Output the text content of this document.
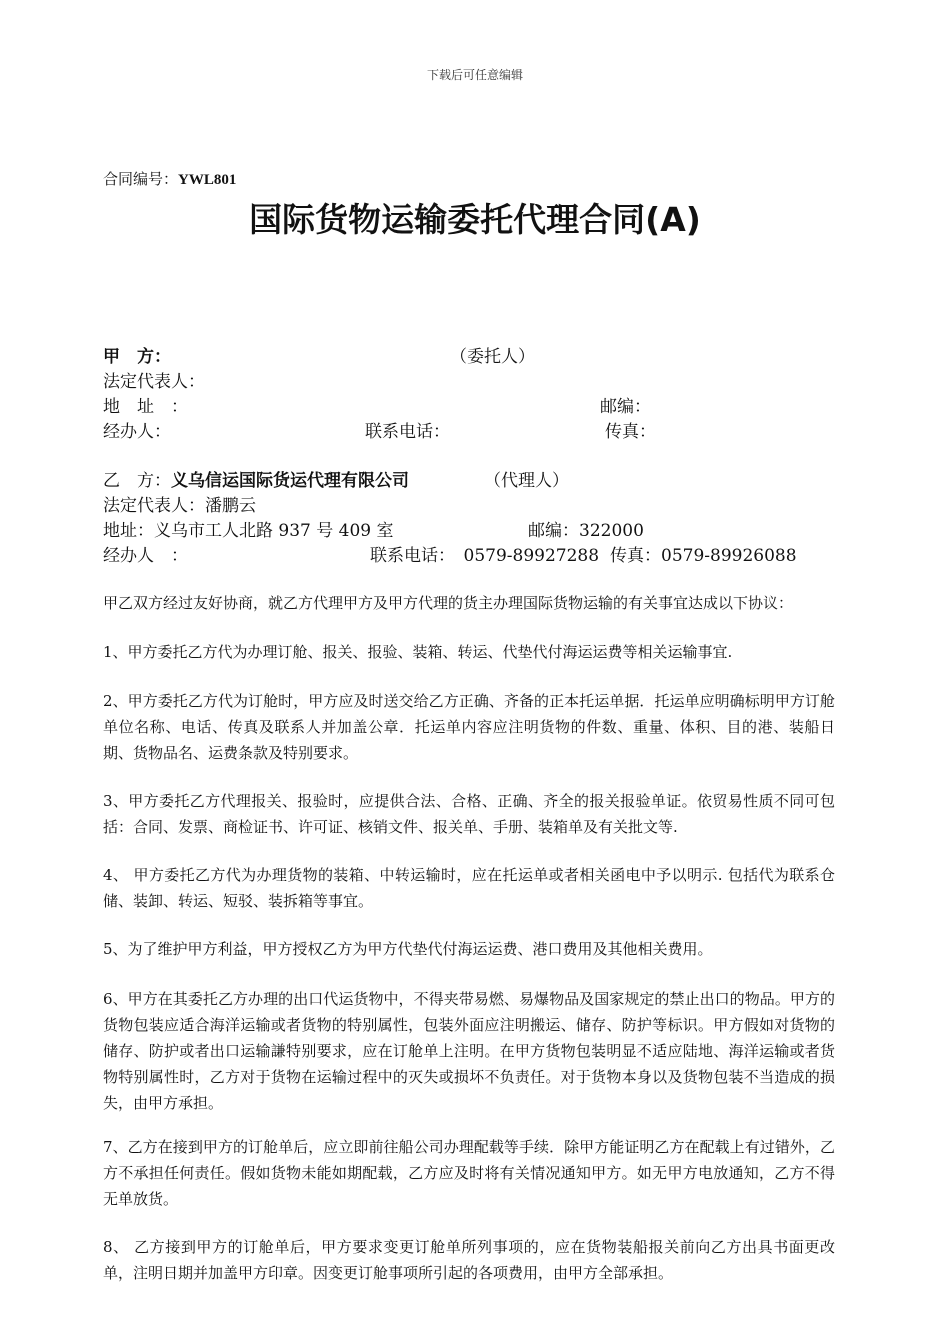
下载后可任意编辑
合同编号：YWL801
国际货物运输委托代理合同(A)
甲　方：	（委托人）
法定代表人：
地　址　：	邮编：
经办人：	联系电话：	传真：
乙　方：义乌信运国际货运代理有限公司	（代理人）
法定代表人：潘鹏云
地址：义乌市工人北路 937 号 409 室	邮编：322000
经办人　：	联系电话：　0579-89927288 传真：0579-89926088
甲乙双方经过友好协商，就乙方代理甲方及甲方代理的货主办理国际货物运输的有关事宜达成以下协议：
1、甲方委托乙方代为办理订舱、报关、报验、装箱、转运、代垫代付海运运费等相关运输事宜.
2、甲方委托乙方代为订舱时，甲方应及时送交给乙方正确、齐备的正本托运单据．托运单应明确标明甲方订舱单位名称、电话、传真及联系人并加盖公章．托运单内容应注明货物的件数、重量、体积、目的港、装船日期、货物品名、运费条款及特别要求。
3、甲方委托乙方代理报关、报验时，应提供合法、合格、正确、齐全的报关报验单证。依贸易性质不同可包括：合同、发票、商检证书、许可证、核销文件、报关单、手册、装箱单及有关批文等.
4、 甲方委托乙方代为办理货物的装箱、中转运输时，应在托运单或者相关函电中予以明示. 包括代为联系仓储、装卸、转运、短驳、装拆箱等事宜。
5、为了维护甲方利益，甲方授权乙方为甲方代垫代付海运运费、港口费用及其他相关费用。
6、甲方在其委托乙方办理的出口代运货物中，不得夹带易燃、易爆物品及国家规定的禁止出口的物品。甲方的货物包装应适合海洋运输或者货物的特别属性，包装外面应注明搬运、储存、防护等标识。甲方假如对货物的储存、防护或者出口运输謙特别要求，应在订舱单上注明。在甲方货物包装明显不适应陆地、海洋运输或者货物特别属性时，乙方对于货物在运输过程中的灭失或损坏不负责任。对于货物本身以及货物包装不当造成的损失，由甲方承担。
7、乙方在接到甲方的订舱单后，应立即前往船公司办理配载等手续．除甲方能证明乙方在配载上有过错外，乙方不承担任何责任。假如货物未能如期配载，乙方应及时将有关情况通知甲方。如无甲方电放通知，乙方不得无单放货。
8、 乙方接到甲方的订舱单后，甲方要求变更订舱单所列事项的，应在货物装船报关前向乙方出具书面更改单，注明日期并加盖甲方印章。因变更订舱事项所引起的各项费用，由甲方全部承担。
